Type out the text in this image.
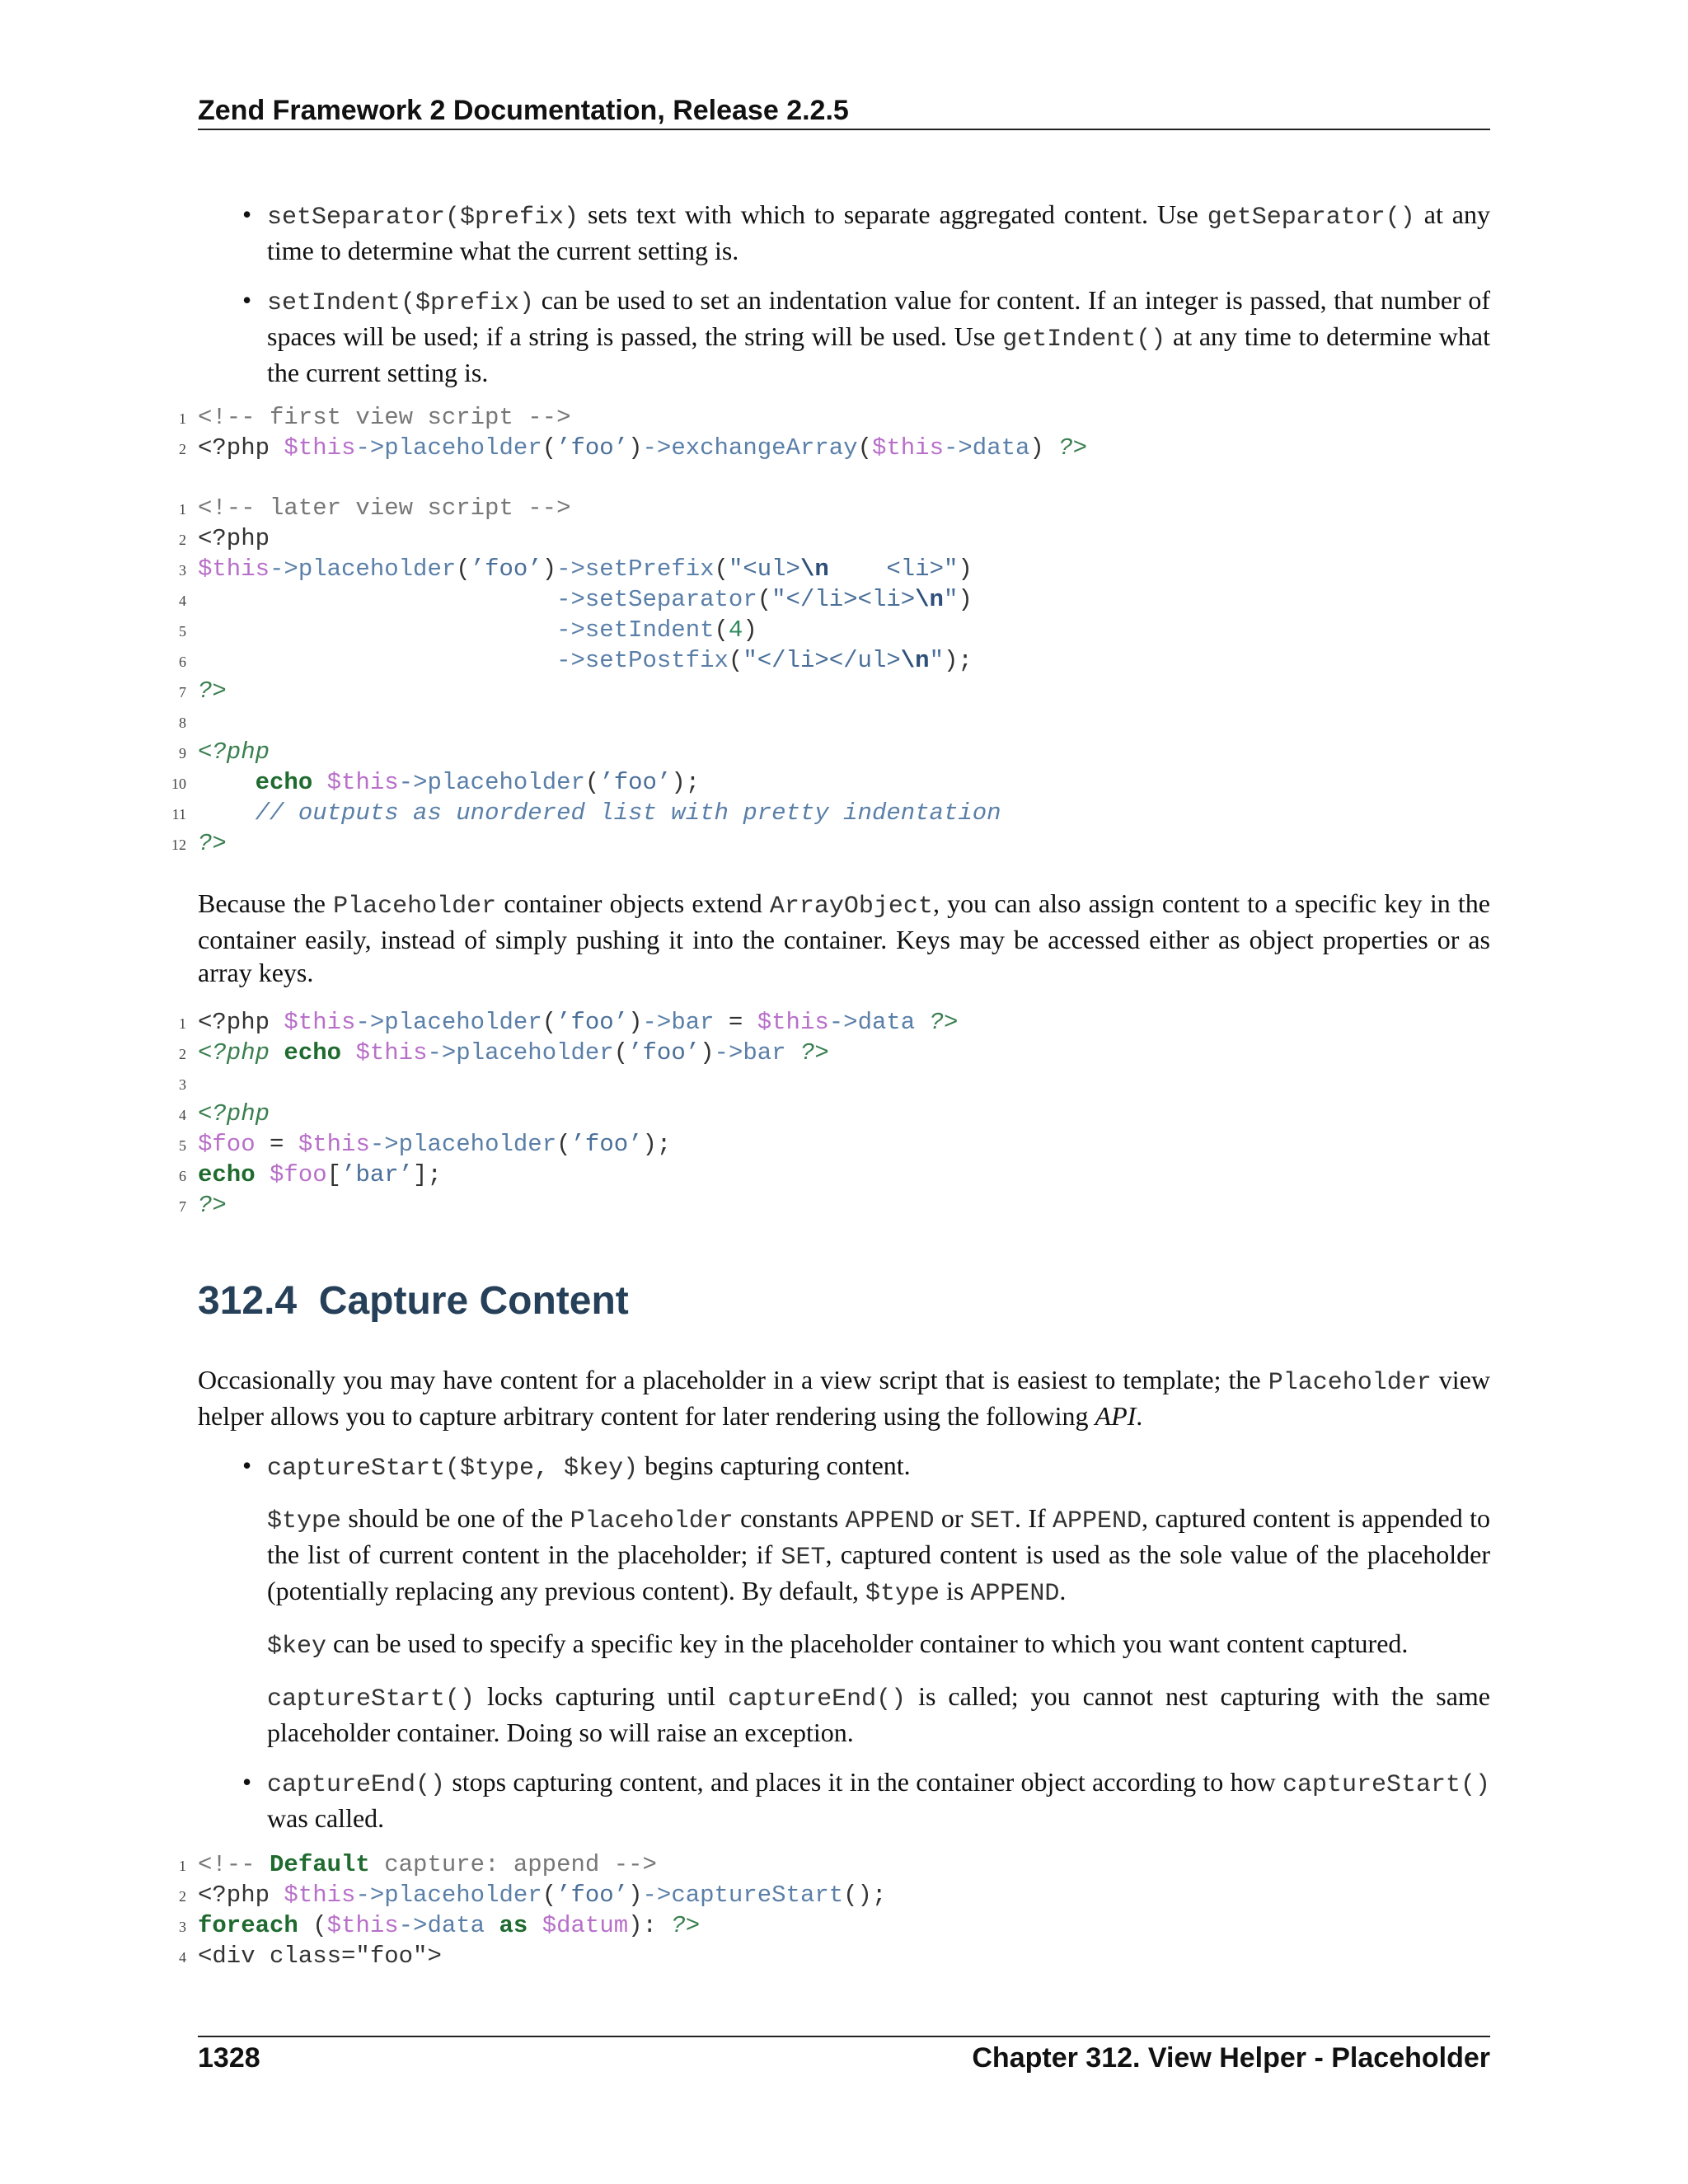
Zend Framework 2 Documentation, Release 2.2.5
• setSeparator($prefix) sets text with which to separate aggregated content. Use getSeparator() at any time to determine what the current setting is.
• setIndent($prefix) can be used to set an indentation value for content. If an integer is passed, that number of spaces will be used; if a string is passed, the string will be used. Use getIndent() at any time to determine what the current setting is.
1 <!-- first view script -->
2 <?php $this->placeholder(’foo’)->exchangeArray($this->data) ?>
1 <!-- later view script -->
2 <?php
3 $this->placeholder(’foo’)->setPrefix("<ul>\n    <li>")
4	->setSeparator("</li><li>\n")
5	->setIndent(4)
6	->setPostfix("</li></ul>\n");
7 ?>
8
9 <?php
10	echo $this->placeholder(’foo’);
11	// outputs as unordered list with pretty indentation
12 ?>

Because the Placeholder container objects extend ArrayObject, you can also assign content to a specific key in the container easily, instead of simply pushing it into the container. Keys may be accessed either as object properties or as array keys.

1 <?php $this->placeholder(’foo’)->bar = $this->data ?>
2 <?php echo $this->placeholder(’foo’)->bar ?>
3
4 <?php
5 $foo = $this->placeholder(’foo’);
6 echo $foo[’bar’];
7 ?>
312.4 Capture Content

Occasionally you may have content for a placeholder in a view script that is easiest to template; the Placeholder view helper allows you to capture arbitrary content for later rendering using the following API.

• captureStart($type, $key) begins capturing content.
$type should be one of the Placeholder constants APPEND or SET. If APPEND, captured content is appended to the list of current content in the placeholder; if SET, captured content is used as the sole value of the placeholder (potentially replacing any previous content). By default, $type is APPEND.
$key can be used to specify a specific key in the placeholder container to which you want content captured.
captureStart() locks capturing until captureEnd() is called; you cannot nest capturing with the same placeholder container. Doing so will raise an exception.
• captureEnd() stops capturing content, and places it in the container object according to how captureStart() was called.
1 <!-- Default capture: append -->
2 <?php $this->placeholder(’foo’)->captureStart();
3 foreach ($this->data as $datum): ?>
4 <div class="foo">
1328	Chapter 312. View Helper - Placeholder
